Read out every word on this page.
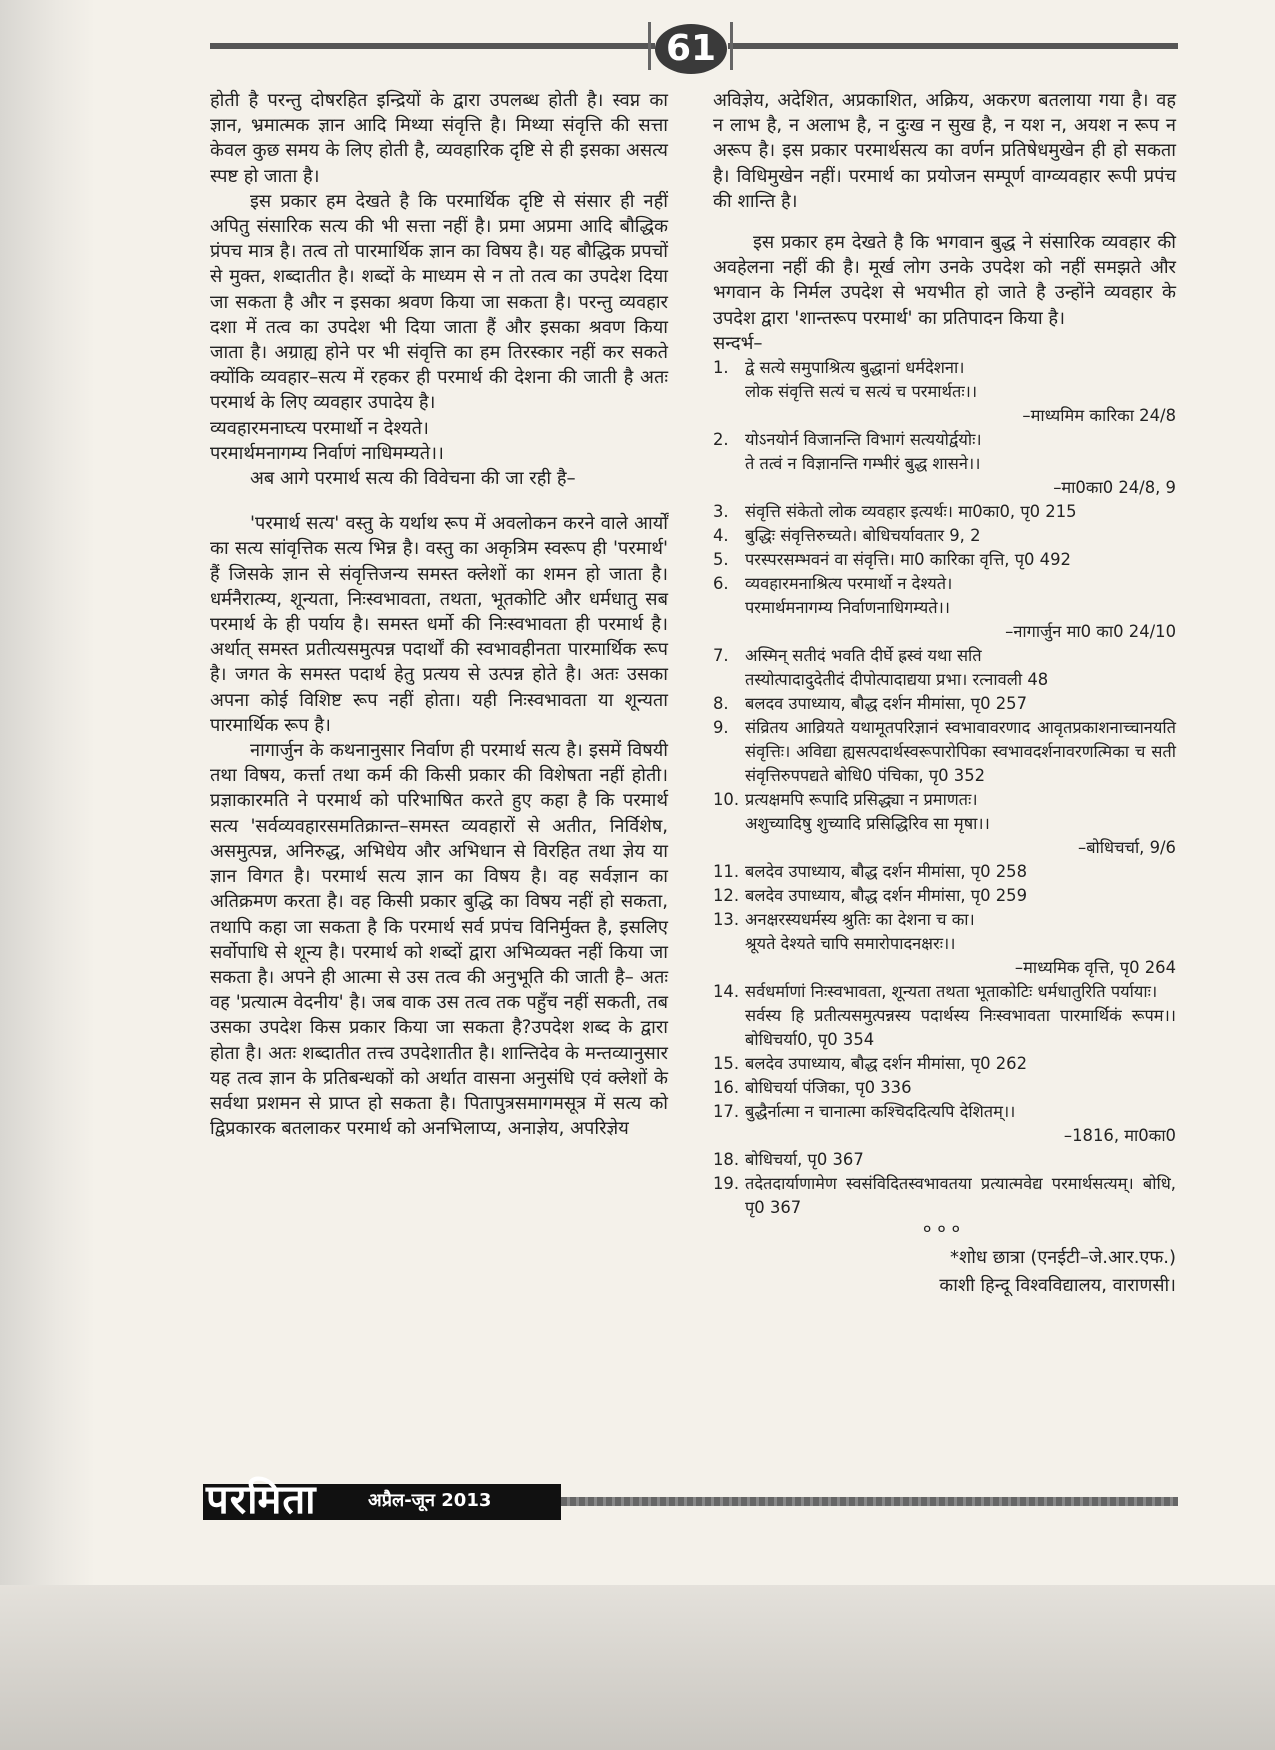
61

होती है परन्तु दोषरहित इन्द्रियों के द्वारा उपलब्ध होती है। स्वप्न का ज्ञान, भ्रमात्मक ज्ञान आदि मिथ्या संवृत्ति है। मिथ्या संवृत्ति की सत्ता केवल कुछ समय के लिए होती है, व्यवहारिक दृष्टि से ही इसका असत्य स्पष्ट हो जाता है।

इस प्रकार हम देखते है कि परमार्थिक दृष्टि से संसार ही नहीं अपितु संसारिक सत्य की भी सत्ता नहीं है। प्रमा अप्रमा आदि बौद्धिक प्रंपच मात्र है। तत्व तो पारमार्थिक ज्ञान का विषय है। यह बौद्धिक प्रपचों से मुक्त, शब्दातीत है। शब्दों के माध्यम से न तो तत्व का उपदेश दिया जा सकता है और न इसका श्रवण किया जा सकता है। परन्तु व्यवहार दशा में तत्व का उपदेश भी दिया जाता हैं और इसका श्रवण किया जाता है। अग्राह्य होने पर भी संवृत्ति का हम तिरस्कार नहीं कर सकते क्योंकि व्यवहार–सत्य में रहकर ही परमार्थ की देशना की जाती है अतः परमार्थ के लिए व्यवहार उपादेय है।

व्यवहारमनाघ्त्य परमार्थो न देश्यते।

परमार्थमनागम्य निर्वाणं नाधिमम्यते।।

अब आगे परमार्थ सत्य की विवेचना की जा रही है–

'परमार्थ सत्य' वस्तु के यर्थाथ रूप में अवलोकन करने वाले आर्यों का सत्य सांवृत्तिक सत्य भिन्न है। वस्तु का अकृत्रिम स्वरूप ही 'परमार्थ' हैं जिसके ज्ञान से संवृत्तिजन्य समस्त क्लेशों का शमन हो जाता है। धर्मनैरात्म्य, शून्यता, निःस्वभावता, तथता, भूतकोटि और धर्मधातु सब परमार्थ के ही पर्याय है। समस्त धर्मो की निःस्वभावता ही परमार्थ है। अर्थात् समस्त प्रतीत्यसमुत्पन्न पदार्थों की स्वभावहीनता पारमार्थिक रूप है। जगत के समस्त पदार्थ हेतु प्रत्यय से उत्पन्न होते है। अतः उसका अपना कोई विशिष्ट रूप नहीं होता। यही निःस्वभावता या शून्यता पारमार्थिक रूप है।

नागार्जुन के कथनानुसार निर्वाण ही परमार्थ सत्य है। इसमें विषयी तथा विषय, कर्त्ता तथा कर्म की किसी प्रकार की विशेषता नहीं होती। प्रज्ञाकारमति ने परमार्थ को परिभाषित करते हुए कहा है कि परमार्थ सत्य 'सर्वव्यवहारसमतिक्रान्त–समस्त व्यवहारों से अतीत, निर्विशेष, असमुत्पन्न, अनिरुद्ध, अभिधेय और अभिधान से विरहित तथा ज्ञेय या ज्ञान विगत है। परमार्थ सत्य ज्ञान का विषय है। वह सर्वज्ञान का अतिक्रमण करता है। वह किसी प्रकार बुद्धि का विषय नहीं हो सकता, तथापि कहा जा सकता है कि परमार्थ सर्व प्रपंच विनिर्मुक्त है, इसलिए सर्वोपाधि से शून्य है। परमार्थ को शब्दों द्वारा अभिव्यक्त नहीं किया जा सकता है। अपने ही आत्मा से उस तत्व की अनुभूति की जाती है– अतः वह 'प्रत्यात्म वेदनीय' है। जब वाक उस तत्व तक पहुँच नहीं सकती, तब उसका उपदेश किस प्रकार किया जा सकता है?उपदेश शब्द के द्वारा होता है। अतः शब्दातीत तत्त्व उपदेशातीत है। शान्तिदेव के मन्तव्यानुसार यह तत्व ज्ञान के प्रतिबन्धकों को अर्थात वासना अनुसंधि एवं क्लेशों के सर्वथा प्रशमन से प्राप्त हो सकता है। पितापुत्रसमागमसूत्र में सत्य को द्विप्रकारक बतलाकर परमार्थ को अनभिलाप्य, अनाज्ञेय, अपरिज्ञेय

अविज्ञेय, अदेशित, अप्रकाशित, अक्रिय, अकरण बतलाया गया है। वह न लाभ है, न अलाभ है, न दुःख न सुख है, न यश न, अयश न रूप न अरूप है। इस प्रकार परमार्थसत्य का वर्णन प्रतिषेधमुखेन ही हो सकता है। विधिमुखेन नहीं। परमार्थ का प्रयोजन सम्पूर्ण वाग्व्यवहार रूपी प्रपंच की शान्ति है।

इस प्रकार हम देखते है कि भगवान बुद्ध ने संसारिक व्यवहार की अवहेलना नहीं की है। मूर्ख लोग उनके उपदेश को नहीं समझते और भगवान के निर्मल उपदेश से भयभीत हो जाते है उन्होंने व्यवहार के उपदेश द्वारा 'शान्तरूप परमार्थ' का प्रतिपादन किया है।

सन्दर्भ–

1. द्वे सत्ये समुपाश्रित्य बुद्धानां धर्मदेशना।
लोक संवृत्ति सत्यं च सत्यं च परमार्थतः।।
–माध्यमिम कारिका 24/8
2. योऽनयोर्न विजानन्ति विभागं सत्ययोर्द्वयोः।
ते तत्वं न विज्ञानन्ति गम्भीरं बुद्ध शासने।।
–मा0का0 24/8, 9
3. संवृत्ति संकेतो लोक व्यवहार इत्यर्थः। मा0का0, पृ0 215
4. बुद्धिः संवृत्तिरुच्यते। बोधिचर्यावतार 9, 2
5. परस्परसम्भवनं वा संवृत्ति। मा0 कारिका वृत्ति, पृ0 492
6. व्यवहारमनाश्रित्य परमार्थो न देश्यते।
परमार्थमनागम्य निर्वाणनाधिगम्यते।।
–नागार्जुन मा0 का0 24/10
7. अस्मिन् सतीदं भवति दीर्घे ह्रस्वं यथा सति
तस्योत्पादादुदेतीदं दीपोत्पादाद्यया प्रभा। रत्नावली 48
8. बलदव उपाध्याय, बौद्ध दर्शन मीमांसा, पृ0 257
9. संव्रितय आव्रियते यथामूतपरिज्ञानं स्वभावावरणाद आवृतप्रकाशनाच्चानयति संवृत्तिः। अविद्या ह्यसत्पदार्थस्वरूपारोपिका स्वभावदर्शनावरणत्मिका च सती संवृत्तिरुपपद्यते बोधि0 पंचिका, पृ0 352
10. प्रत्यक्षमपि रूपादि प्रसिद्ध्या न प्रमाणतः।
अशुच्यादिषु शुच्यादि प्रसिद्धिरिव सा मृषा।।
–बोधिचर्चा, 9/6
11. बलदेव उपाध्याय, बौद्ध दर्शन मीमांसा, पृ0 258
12. बलदेव उपाध्याय, बौद्ध दर्शन मीमांसा, पृ0 259
13. अनक्षरस्यधर्मस्य श्रुतिः का देशना च का।
श्रूयते देश्यते चापि समारोपादनक्षरः।।
–माध्यमिक वृत्ति, पृ0 264
14. सर्वधर्माणां निःस्वभावता, शून्यता तथता भूताकोटिः धर्मधातुरिति पर्यायाः।
सर्वस्य हि प्रतीत्यसमुत्पन्नस्य पदार्थस्य निःस्वभावता पारमार्थिकं रूपम।। बोधिचर्या0, पृ0 354
15. बलदेव उपाध्याय, बौद्ध दर्शन मीमांसा, पृ0 262
16. बोधिचर्या पंजिका, पृ0 336
17. बुद्धैर्नात्मा न चानात्मा कश्चिददित्यपि देशितम्।।
–1816, मा0का0
18. बोधिचर्या, पृ0 367
19. तदेतदार्याणामेण स्वसंविदितस्वभावतया प्रत्यात्मवेद्य परमार्थसत्यम्। बोधि, पृ0 367
०००
*शोध छात्रा (एनईटी–जे.आर.एफ.)
काशी हिन्दू विश्वविद्यालय, वाराणसी।
परमिता	अप्रैल-जून 2013
